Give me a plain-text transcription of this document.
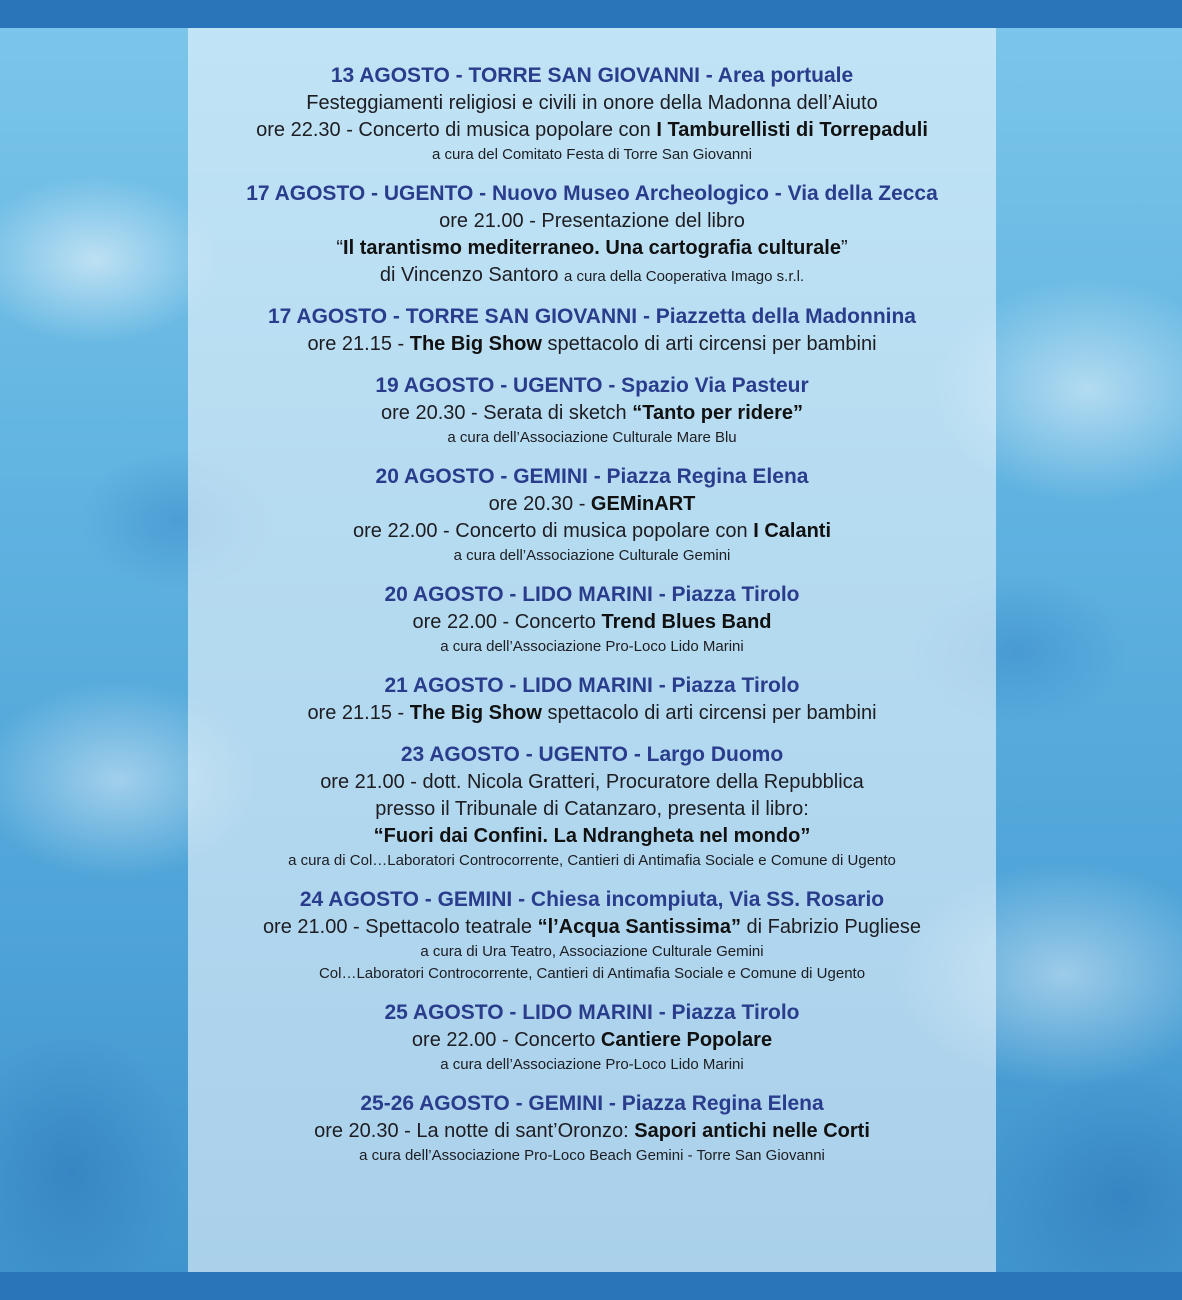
13 AGOSTO - TORRE SAN GIOVANNI - Area portuale
Festeggiamenti religiosi e civili in onore della Madonna dell’Aiuto
ore 22.30 - Concerto di musica popolare con I Tamburellisti di Torrepaduli
a cura del Comitato Festa di Torre San Giovanni
17 AGOSTO - UGENTO - Nuovo Museo Archeologico - Via della Zecca
ore 21.00 - Presentazione del libro
“Il tarantismo mediterraneo. Una cartografia culturale”
di Vincenzo Santoro a cura della Cooperativa Imago s.r.l.
17 AGOSTO - TORRE SAN GIOVANNI - Piazzetta della Madonnina
ore 21.15 - The Big Show spettacolo di arti circensi per bambini
19 AGOSTO - UGENTO - Spazio Via Pasteur
ore 20.30 - Serata di sketch “Tanto per ridere”
a cura dell’Associazione Culturale Mare Blu
20 AGOSTO - GEMINI - Piazza Regina Elena
ore 20.30 - GEMinART
ore 22.00 - Concerto di musica popolare con I Calanti
a cura dell’Associazione Culturale Gemini
20 AGOSTO - LIDO MARINI - Piazza Tirolo
ore 22.00 - Concerto Trend Blues Band
a cura dell’Associazione Pro-Loco Lido Marini
21 AGOSTO - LIDO MARINI - Piazza Tirolo
ore 21.15 - The Big Show spettacolo di arti circensi per bambini
23 AGOSTO - UGENTO - Largo Duomo
ore 21.00 - dott. Nicola Gratteri, Procuratore della Repubblica
presso il Tribunale di Catanzaro, presenta il libro:
“Fuori dai Confini. La Ndrangheta nel mondo”
a cura di Col…Laboratori Controcorrente, Cantieri di Antimafia Sociale e Comune di Ugento
24 AGOSTO - GEMINI - Chiesa incompiuta, Via SS. Rosario
ore 21.00 - Spettacolo teatrale “l’Acqua Santissima” di Fabrizio Pugliese
a cura di Ura Teatro, Associazione Culturale Gemini
Col…Laboratori Controcorrente, Cantieri di Antimafia Sociale e Comune di Ugento
25 AGOSTO - LIDO MARINI - Piazza Tirolo
ore 22.00 - Concerto Cantiere Popolare
a cura dell’Associazione Pro-Loco Lido Marini
25-26 AGOSTO - GEMINI - Piazza Regina Elena
ore 20.30 - La notte di sant’Oronzo: Sapori antichi nelle Corti
a cura dell’Associazione Pro-Loco Beach Gemini - Torre San Giovanni
